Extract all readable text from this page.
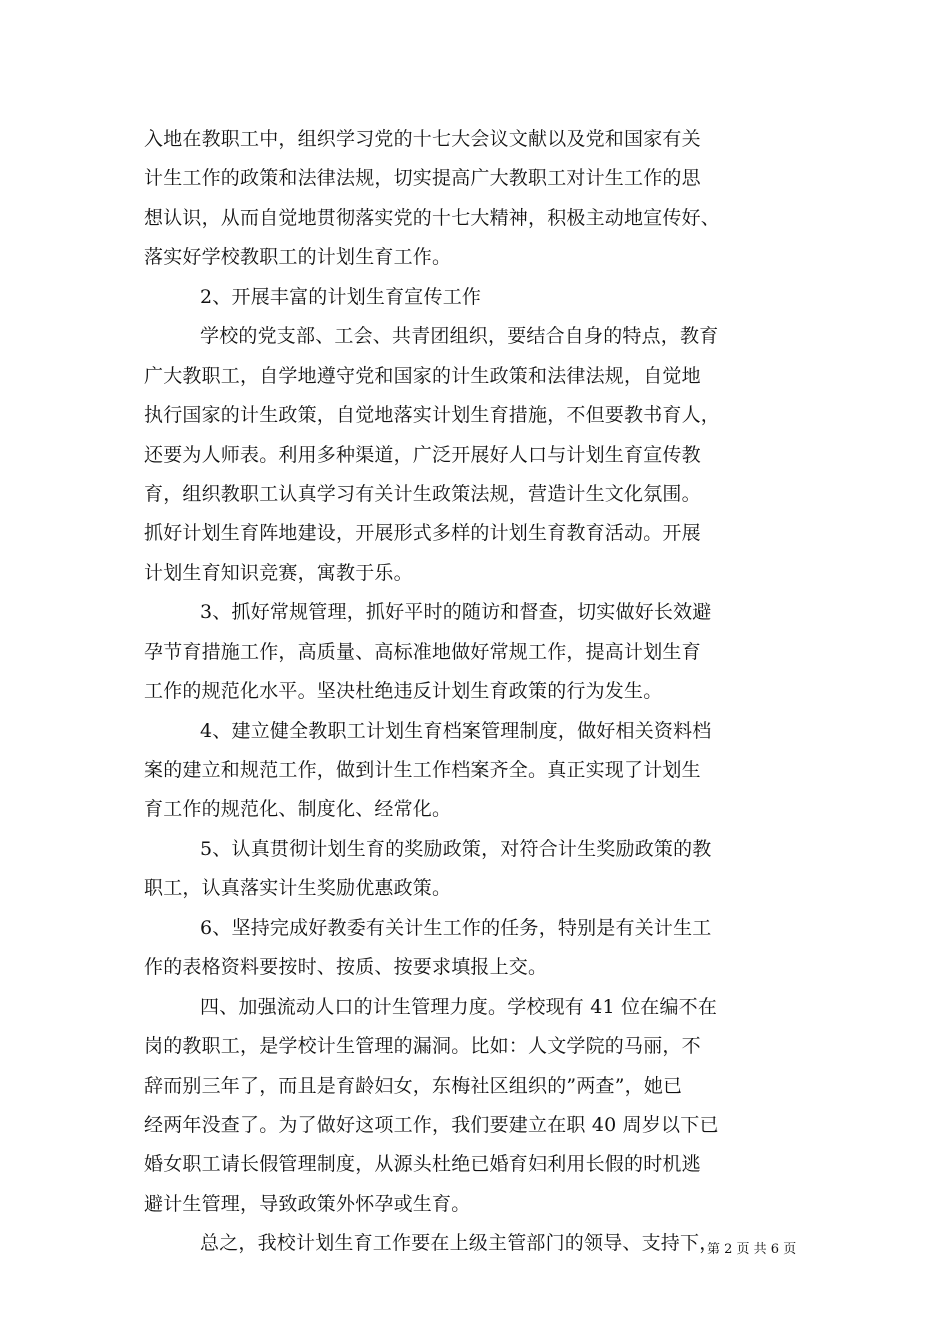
入地在教职工中，组织学习党的十七大会议文献以及党和国家有关
计生工作的政策和法律法规，切实提高广大教职工对计生工作的思
想认识，从而自觉地贯彻落实党的十七大精神，积极主动地宣传好、
落实好学校教职工的计划生育工作。
2、开展丰富的计划生育宣传工作
学校的党支部、工会、共青团组织，要结合自身的特点，教育
广大教职工，自学地遵守党和国家的计生政策和法律法规，自觉地
执行国家的计生政策，自觉地落实计划生育措施，不但要教书育人，
还要为人师表。利用多种渠道，广泛开展好人口与计划生育宣传教
育，组织教职工认真学习有关计生政策法规，营造计生文化氛围。
抓好计划生育阵地建设，开展形式多样的计划生育教育活动。开展
计划生育知识竞赛，寓教于乐。
3、抓好常规管理，抓好平时的随访和督查，切实做好长效避
孕节育措施工作，高质量、高标准地做好常规工作，提高计划生育
工作的规范化水平。坚决杜绝违反计划生育政策的行为发生。
4、建立健全教职工计划生育档案管理制度，做好相关资料档
案的建立和规范工作，做到计生工作档案齐全。真正实现了计划生
育工作的规范化、制度化、经常化。
5、认真贯彻计划生育的奖励政策，对符合计生奖励政策的教
职工，认真落实计生奖励优惠政策。
6、坚持完成好教委有关计生工作的任务，特别是有关计生工
作的表格资料要按时、按质、按要求填报上交。
四、加强流动人口的计生管理力度。学校现有 41 位在编不在
岗的教职工，是学校计生管理的漏洞。比如：人文学院的马丽，不
辞而别三年了，而且是育龄妇女，东梅社区组织的”两查”，她已
经两年没查了。为了做好这项工作，我们要建立在职 40 周岁以下已
婚女职工请长假管理制度，从源头杜绝已婚育妇利用长假的时机逃
避计生管理，导致政策外怀孕或生育。
总之，我校计划生育工作要在上级主管部门的领导、支持下，
第 2 页 共 6 页
